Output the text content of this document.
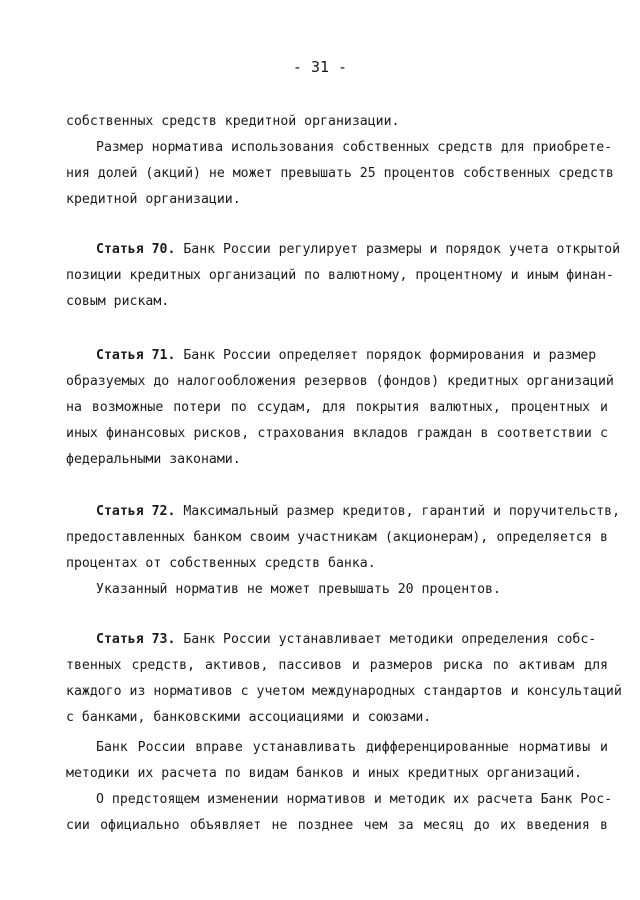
- 31 -

собственных средств кредитной организации.

Размер норматива использования собственных средств для приобрете-

ния долей (акций) не может превышать 25 процентов собственных средств

кредитной организации.

Статья 70. Банк России регулирует размеры и порядок учета открытой

позиции кредитных организаций по валютному, процентному и иным финан-

совым рискам.

Статья 71. Банк России определяет порядок формирования и размер

образуемых до налогообложения резервов (фондов) кредитных организаций

на возможные потери по ссудам, для покрытия валютных, процентных и

иных финансовых рисков, страхования вкладов граждан в соответствии с

федеральными законами.

Статья 72. Максимальный размер кредитов, гарантий и поручительств,

предоставленных банком своим участникам (акционерам), определяется в

процентах от собственных средств банка.

Указанный норматив не может превышать 20 процентов.

Статья 73. Банк России устанавливает методики определения собс-

твенных средств, активов, пассивов и размеров риска по активам для

каждого из нормативов с учетом международных стандартов и консультаций

с банками, банковскими ассоциациями и союзами.

Банк России вправе устанавливать дифференцированные нормативы и

методики их расчета по видам банков и иных кредитных организаций.

О предстоящем изменении нормативов и методик их расчета Банк Рос-

сии официально объявляет не позднее чем за месяц до их введения в
